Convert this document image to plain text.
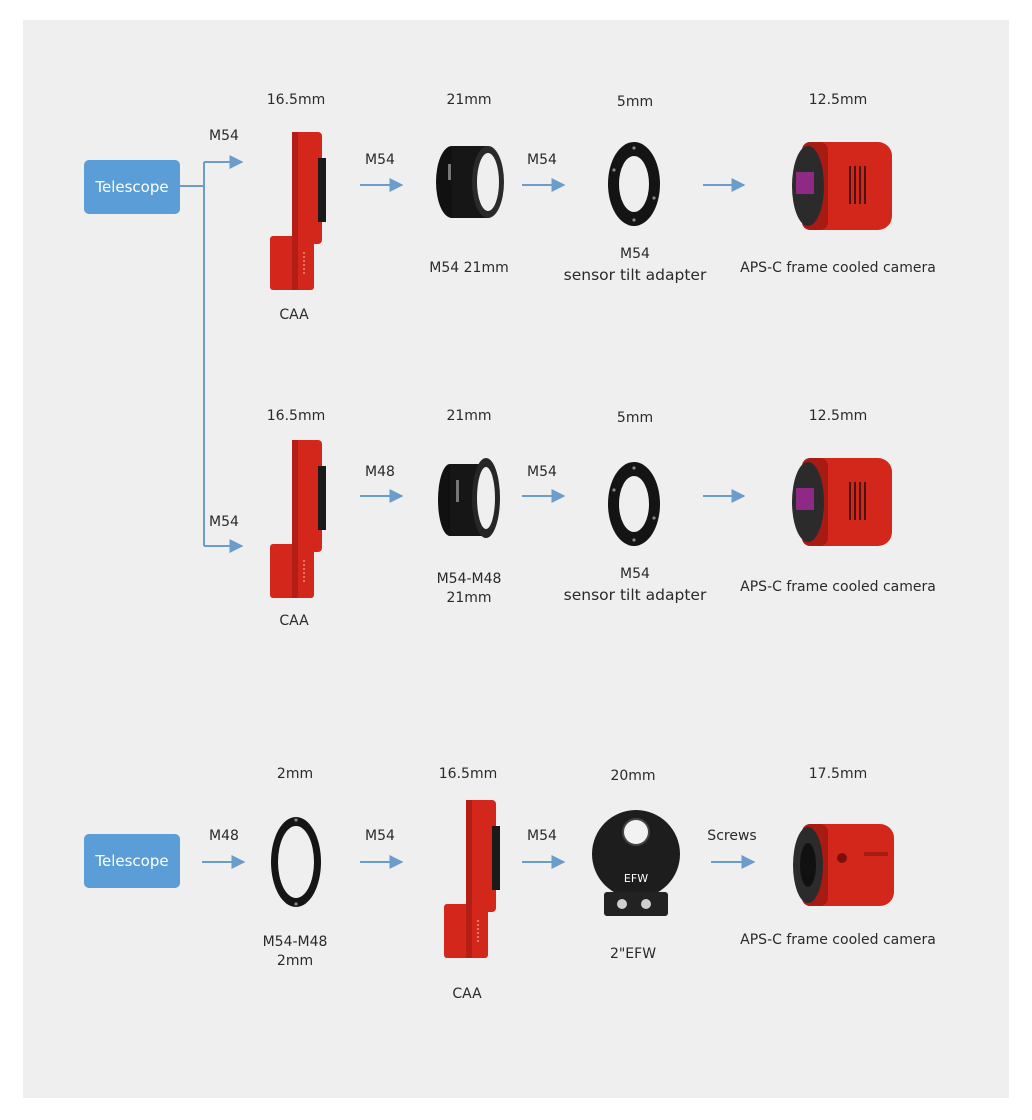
Telescope
Telescope
M54
16.5mm
M54
21mm
M54
5mm	12.5mm
CAA
M54 21mm
M54
sensor tilt adapter APS-C frame cooled camera
M54
16.5mm
M48
21mm
M54
5mm	12.5mm
CAA
M54-M48
21mm
M54
sensor tilt adapter APS-C frame cooled camera
M48
2mm
M54
16.5mm
M54
20mm
Screws
17.5mm
M54-M48
2mm
CAA
EFW
2"EFW
APS-C frame cooled camera
